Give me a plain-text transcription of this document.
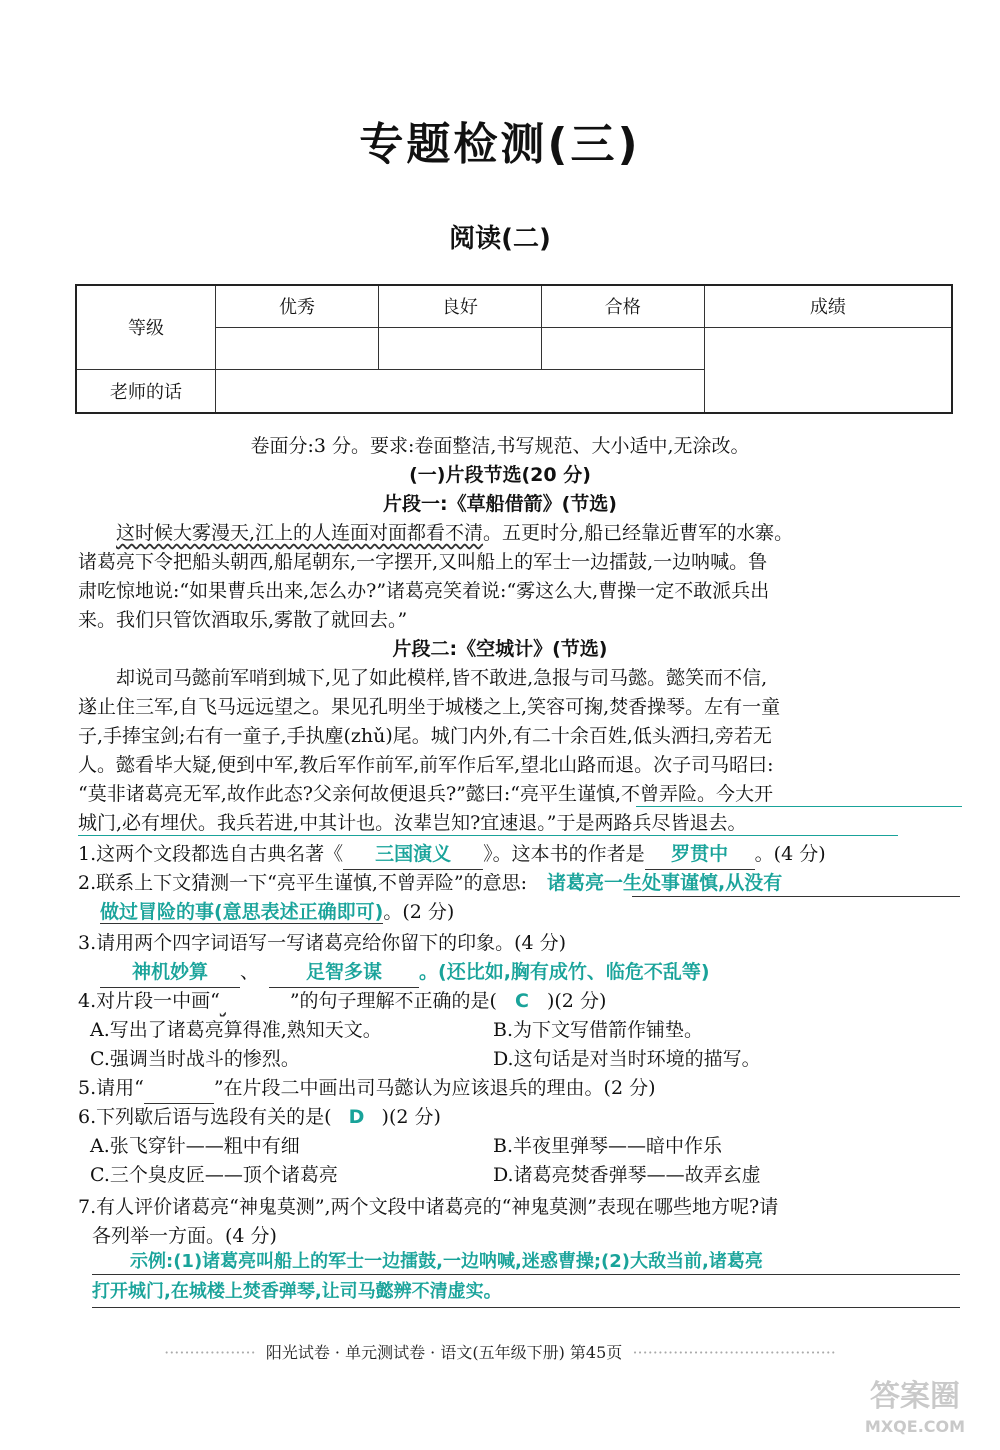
专题检测(三)
阅读(二)
等级	优秀	良好	合格	成绩

老师的话				
卷面分:3 分。要求:卷面整洁,书写规范、大小适中,无涂改。
(一)片段节选(20 分)
片段一:《草船借箭》(节选)
这时候大雾漫天,江上的人连面对面都看不清。五更时分,船已经靠近曹军的水寨。
诸葛亮下令把船头朝西,船尾朝东,一字摆开,又叫船上的军士一边擂鼓,一边呐喊。鲁
肃吃惊地说:“如果曹兵出来,怎么办?”诸葛亮笑着说:“雾这么大,曹操一定不敢派兵出
来。我们只管饮酒取乐,雾散了就回去。”
片段二:《空城计》(节选)
却说司马懿前军哨到城下,见了如此模样,皆不敢进,急报与司马懿。懿笑而不信,
遂止住三军,自飞马远远望之。果见孔明坐于城楼之上,笑容可掬,焚香操琴。左有一童
子,手捧宝剑;右有一童子,手执麈(zhǔ)尾。城门内外,有二十余百姓,低头洒扫,旁若无
人。懿看毕大疑,便到中军,教后军作前军,前军作后军,望北山路而退。次子司马昭曰:
“莫非诸葛亮无军,故作此态?父亲何故便退兵?”懿曰:“亮平生谨慎,不曾弄险。今大开
城门,必有埋伏。我兵若进,中其计也。汝辈岂知?宜速退。”于是两路兵尽皆退去。
1.这两个文段都选自古典名著《 三国演义 》。这本书的作者是 罗贯中 。(4 分)
2.联系上下文猜测一下“亮平生谨慎,不曾弄险”的意思: 诸葛亮一生处事谨慎,从没有
做过冒险的事(意思表述正确即可)。(2 分)
3.请用两个四字词语写一写诸葛亮给你留下的印象。(4 分)
神机妙算 、 足智多谋 。(还比如,胸有成竹、临危不乱等)
4.对片段一中画“	”的句子理解不正确的是( C )(2 分)
A.写出了诸葛亮算得准,熟知天文。	B.为下文写借箭作铺垫。
C.强调当时战斗的惨烈。	D.这句话是对当时环境的描写。
5.请用“	”在片段二中画出司马懿认为应该退兵的理由。(2 分)
6.下列歇后语与选段有关的是( D )(2 分)
A.张飞穿针——粗中有细	B.半夜里弹琴——暗中作乐
C.三个臭皮匠——顶个诸葛亮	D.诸葛亮焚香弹琴——故弄玄虚
7.有人评价诸葛亮“神鬼莫测”,两个文段中诸葛亮的“神鬼莫测”表现在哪些地方呢?请
各列举一方面。(4 分)
示例:(1)诸葛亮叫船上的军士一边擂鼓,一边呐喊,迷惑曹操;(2)大敌当前,诸葛亮
打开城门,在城楼上焚香弹琴,让司马懿辨不清虚实。
·················· 阳光试卷 · 单元测试卷 · 语文(五年级下册) 第45页 ········································
答案圈
MXQE.COM
